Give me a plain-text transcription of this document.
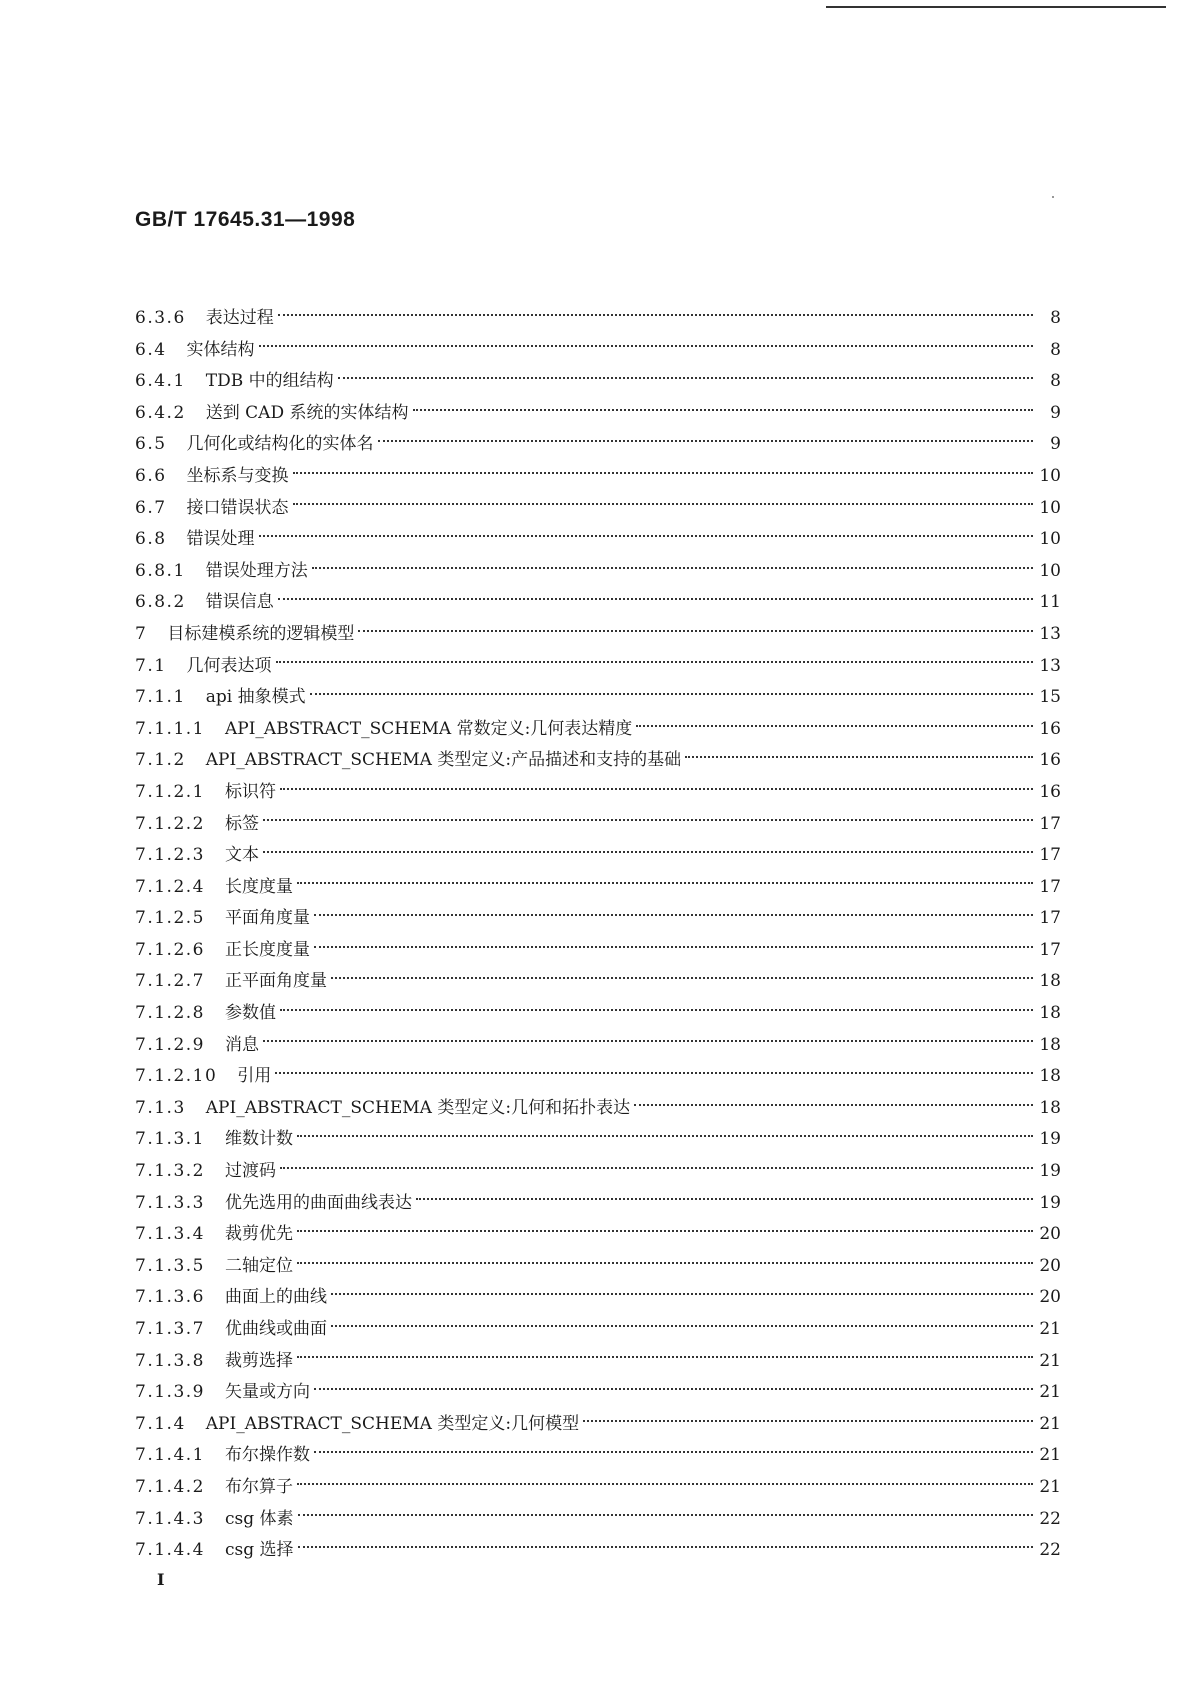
GB/T 17645.31—1998
6.3.6	表达过程	8
6.4	实体结构	8
6.4.1	TDB 中的组结构	8
6.4.2	送到 CAD 系统的实体结构	9
6.5	几何化或结构化的实体名	9
6.6	坐标系与变换	10
6.7	接口错误状态	10
6.8	错误处理	10
6.8.1	错误处理方法	10
6.8.2	错误信息	11
7	目标建模系统的逻辑模型	13
7.1	几何表达项	13
7.1.1	api 抽象模式	15
7.1.1.1	API_ABSTRACT_SCHEMA 常数定义:几何表达精度	16
7.1.2	API_ABSTRACT_SCHEMA 类型定义:产品描述和支持的基础	16
7.1.2.1	标识符	16
7.1.2.2	标签	17
7.1.2.3	文本	17
7.1.2.4	长度度量	17
7.1.2.5	平面角度量	17
7.1.2.6	正长度度量	17
7.1.2.7	正平面角度量	18
7.1.2.8	参数值	18
7.1.2.9	消息	18
7.1.2.10	引用	18
7.1.3	API_ABSTRACT_SCHEMA 类型定义:几何和拓扑表达	18
7.1.3.1	维数计数	19
7.1.3.2	过渡码	19
7.1.3.3	优先选用的曲面曲线表达	19
7.1.3.4	裁剪优先	20
7.1.3.5	二轴定位	20
7.1.3.6	曲面上的曲线	20
7.1.3.7	优曲线或曲面	21
7.1.3.8	裁剪选择	21
7.1.3.9	矢量或方向	21
7.1.4	API_ABSTRACT_SCHEMA 类型定义:几何模型	21
7.1.4.1	布尔操作数	21
7.1.4.2	布尔算子	21
7.1.4.3	csg 体素	22
7.1.4.4	csg 选择	22
I
